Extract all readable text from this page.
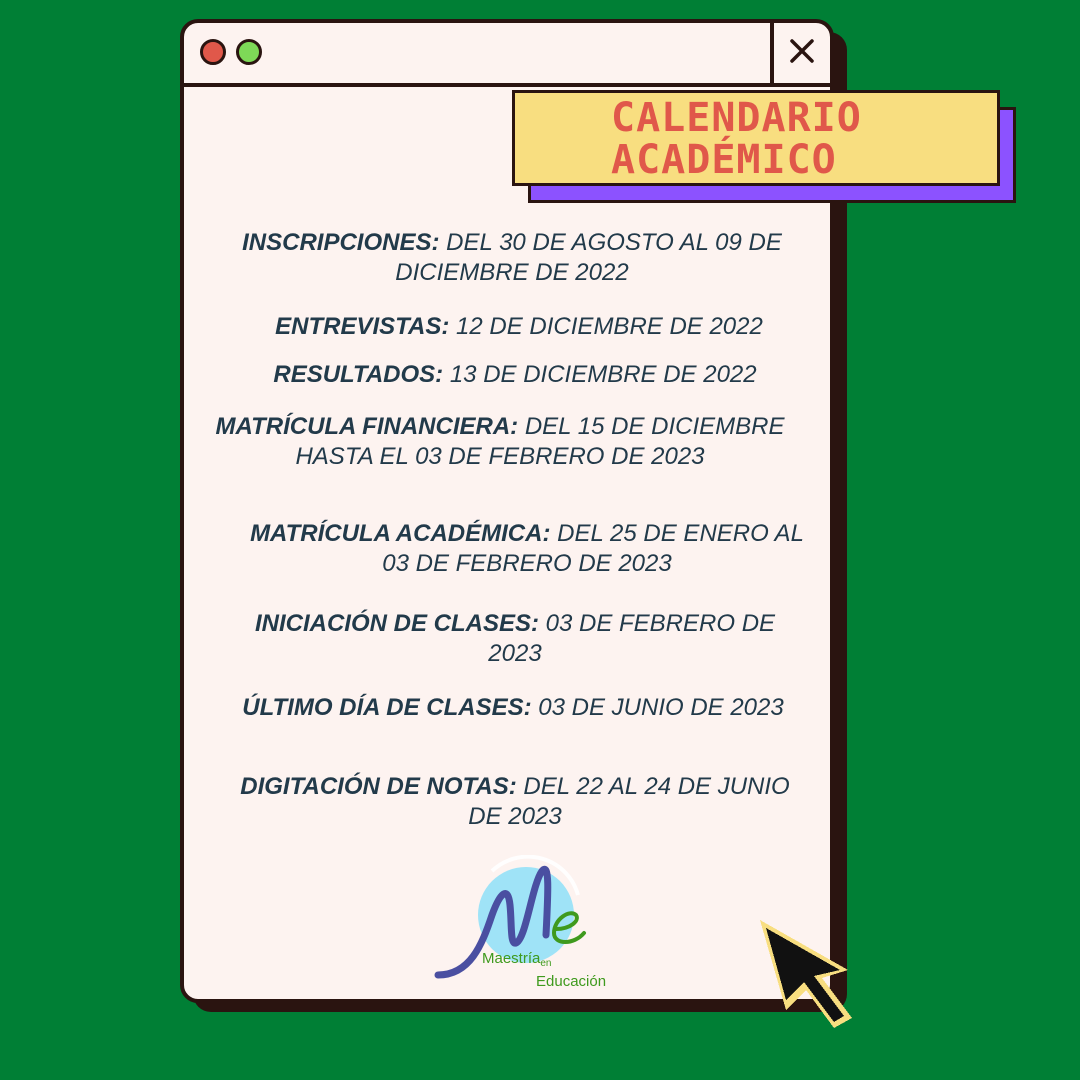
CALENDARIO
ACADÉMICO

INSCRIPCIONES: DEL 30 DE AGOSTO AL 09 DE DICIEMBRE DE 2022

ENTREVISTAS: 12 DE DICIEMBRE DE 2022

RESULTADOS: 13 DE DICIEMBRE DE 2022

MATRÍCULA FINANCIERA: DEL 15 DE DICIEMBRE HASTA EL 03 DE FEBRERO DE 2023

MATRÍCULA ACADÉMICA: DEL 25 DE ENERO AL 03 DE FEBRERO DE 2023

INICIACIÓN DE CLASES: 03 DE FEBRERO DE 2023

ÚLTIMO DÍA DE CLASES: 03 DE JUNIO DE 2023

DIGITACIÓN DE NOTAS: DEL 22 AL 24 DE JUNIO DE 2023

Maestría$_{en}$

Educación
